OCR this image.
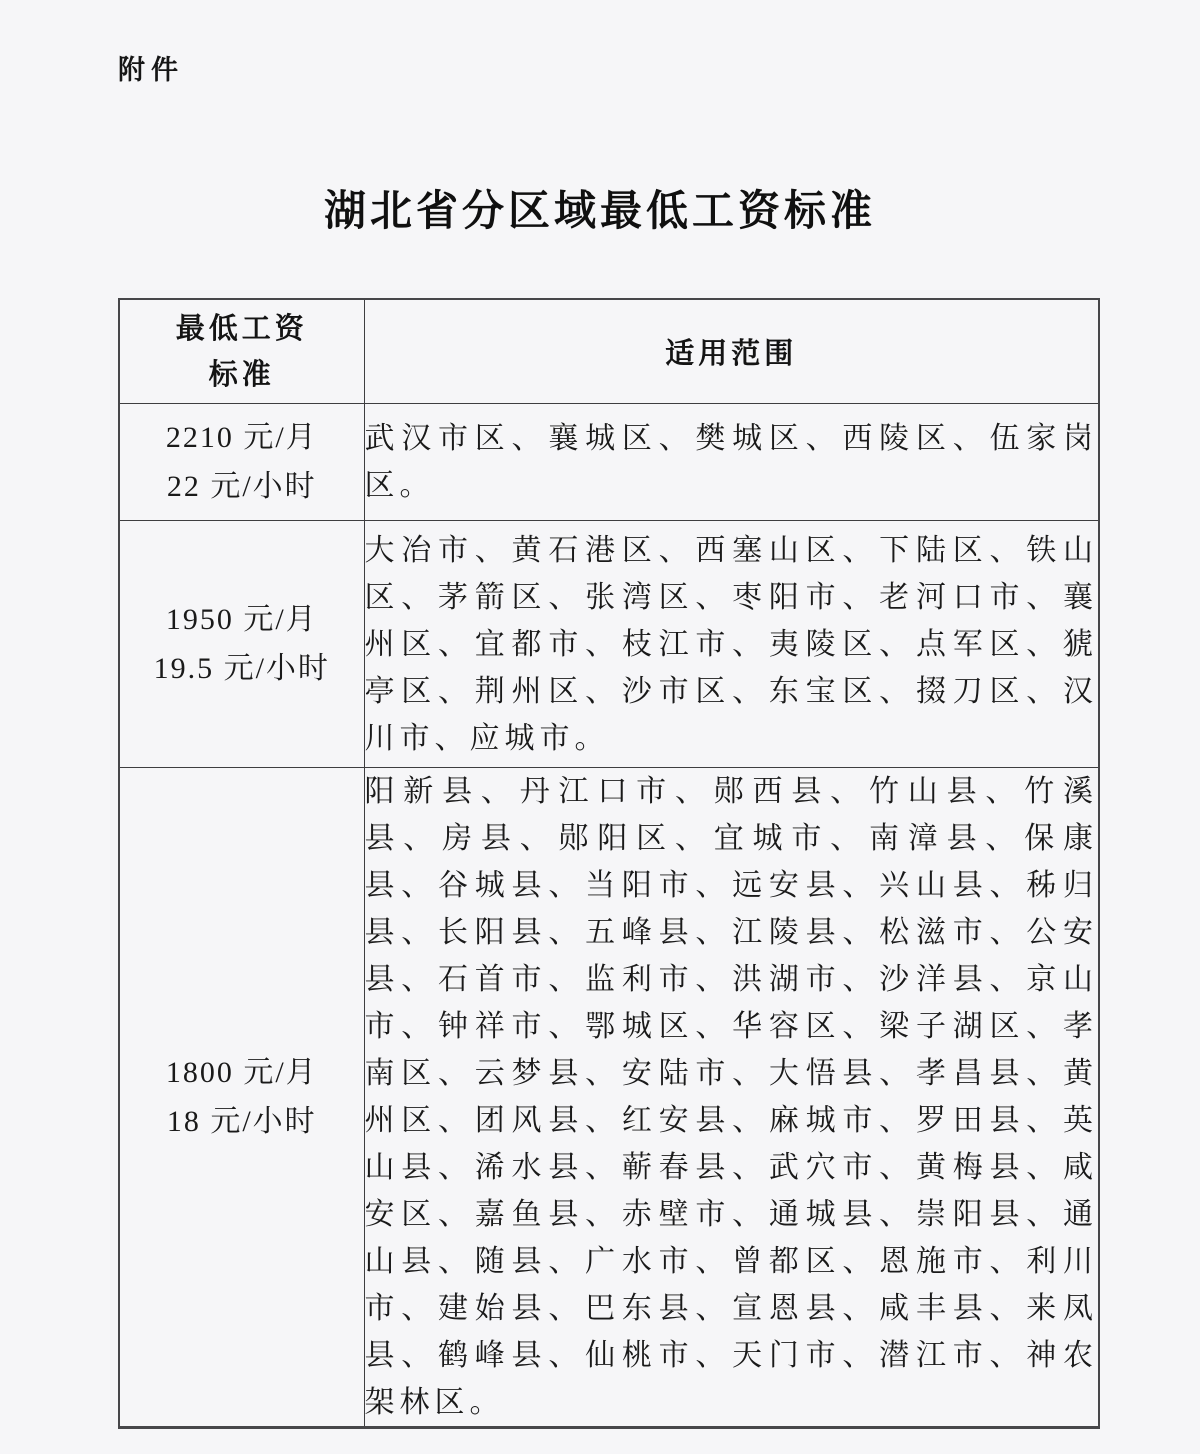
附件
湖北省分区域最低工资标准
最低工资标准	适用范围

2210 元/月
22 元/小时	武汉市区、襄城区、樊城区、西陵区、伍家岗区。

1950 元/月
19.5 元/小时	大冶市、黄石港区、西塞山区、下陆区、铁山区、茅箭区、张湾区、枣阳市、老河口市、襄州区、宜都市、枝江市、夷陵区、点军区、猇亭区、荆州区、沙市区、东宝区、掇刀区、汉川市、应城市。

1800 元/月
18 元/小时	阳新县、丹江口市、郧西县、竹山县、竹溪县、房县、郧阳区、宜城市、南漳县、保康县、谷城县、当阳市、远安县、兴山县、秭归县、长阳县、五峰县、江陵县、松滋市、公安县、石首市、监利市、洪湖市、沙洋县、京山市、钟祥市、鄂城区、华容区、梁子湖区、孝南区、云梦县、安陆市、大悟县、孝昌县、黄州区、团风县、红安县、麻城市、罗田县、英山县、浠水县、蕲春县、武穴市、黄梅县、咸安区、嘉鱼县、赤壁市、通城县、崇阳县、通山县、随县、广水市、曾都区、恩施市、利川市、建始县、巴东县、宣恩县、咸丰县、来凤县、鹤峰县、仙桃市、天门市、潜江市、神农架林区。
